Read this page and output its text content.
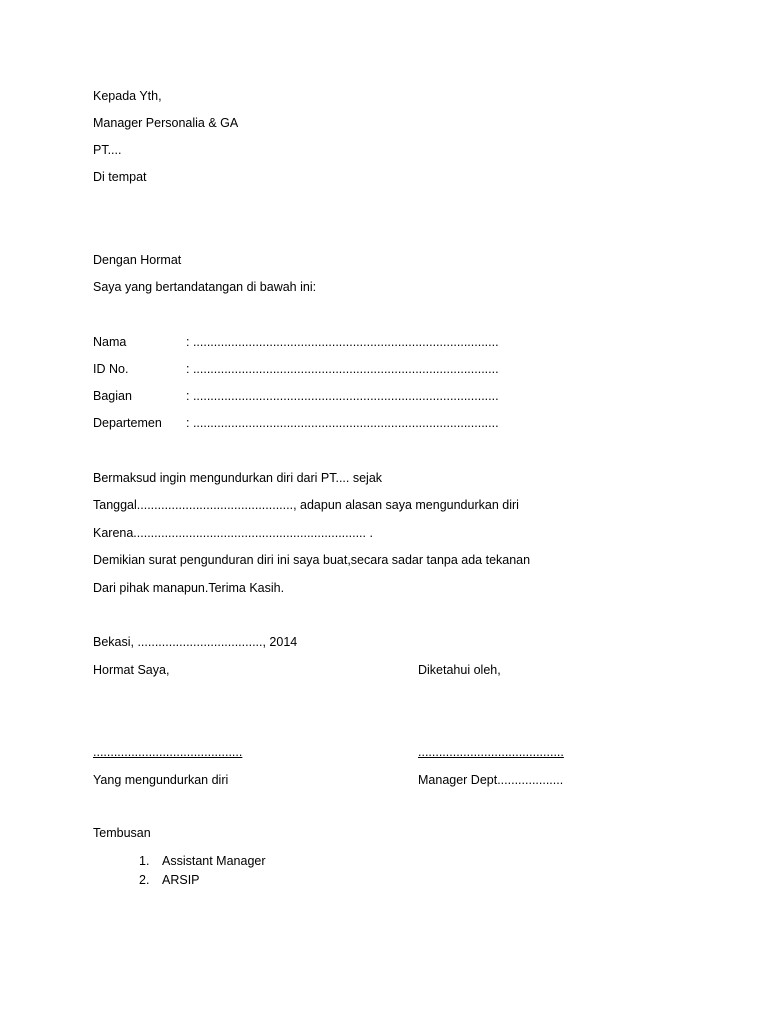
Kepada Yth,
Manager Personalia & GA
PT....
Di tempat
Dengan Hormat
Saya yang bertandatangan di bawah ini:
Nama	: ........................................................................................
ID No.	: ........................................................................................
Bagian	: ........................................................................................
Departemen : ........................................................................................
Bermaksud ingin mengundurkan diri dari PT.... sejak
Tanggal............................................., adapun alasan saya mengundurkan diri
Karena................................................................... .
Demikian surat pengunduran diri ini saya buat,secara sadar tanpa ada tekanan
Dari pihak manapun.Terima Kasih.
Bekasi, ...................................., 2014
Hormat Saya,	Diketahui oleh,
...........................................	..........................................
Yang mengundurkan diri	Manager Dept...................
Tembusan
1. Assistant Manager
2. ARSIP
